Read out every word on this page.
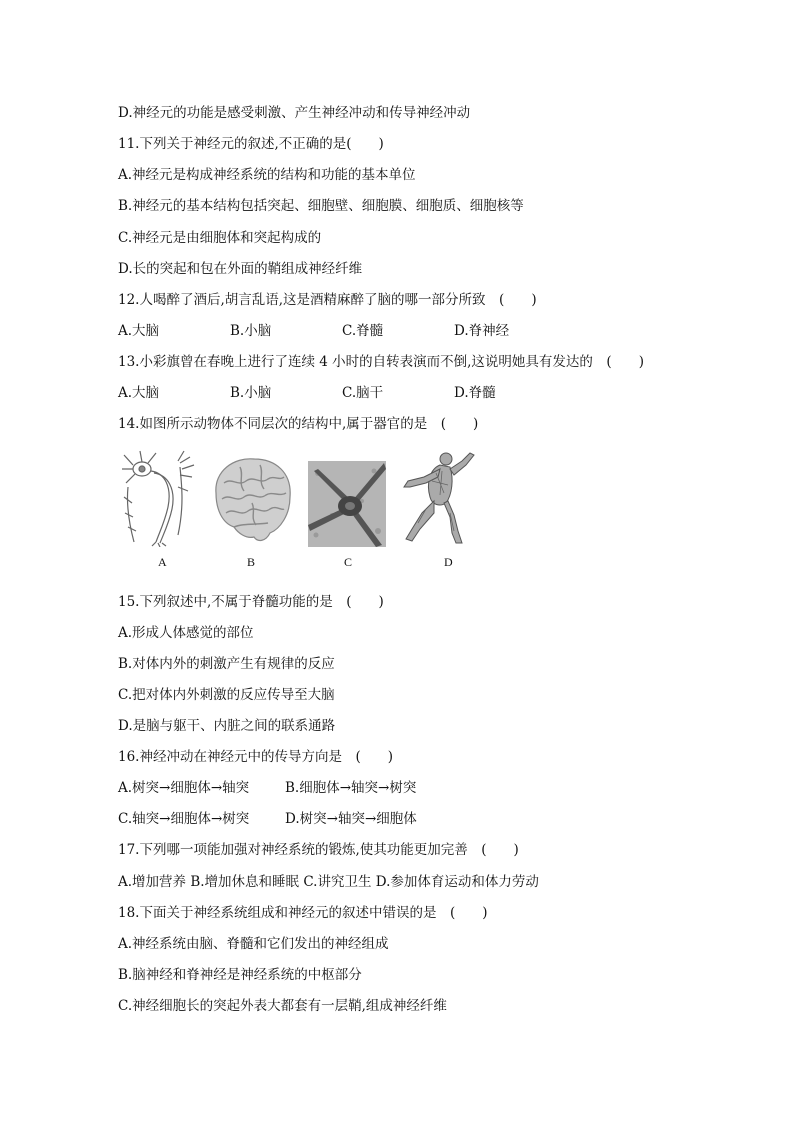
D.神经元的功能是感受刺激、产生神经冲动和传导神经冲动
11.下列关于神经元的叙述,不正确的是(　　)
A.神经元是构成神经系统的结构和功能的基本单位
B.神经元的基本结构包括突起、细胞壁、细胞膜、细胞质、细胞核等
C.神经元是由细胞体和突起构成的
D.长的突起和包在外面的鞘组成神经纤维
12.人喝醉了酒后,胡言乱语,这是酒精麻醉了脑的哪一部分所致　(　　)
A.大脑	B.小脑	C.脊髓	D.脊神经
13.小彩旗曾在春晚上进行了连续 4 小时的自转表演而不倒,这说明她具有发达的　(　　)
A.大脑	B.小脑	C.脑干	D.脊髓
14.如图所示动物体不同层次的结构中,属于器官的是　(　　)
A	B	C	D
15.下列叙述中,不属于脊髓功能的是　(　　)
A.形成人体感觉的部位
B.对体内外的刺激产生有规律的反应
C.把对体内外刺激的反应传导至大脑
D.是脑与躯干、内脏之间的联系通路
16.神经冲动在神经元中的传导方向是　(　　)
A.树突→细胞体→轴突	B.细胞体→轴突→树突
C.轴突→细胞体→树突	D.树突→轴突→细胞体
17.下列哪一项能加强对神经系统的锻炼,使其功能更加完善　(　　)
A.增加营养 B.增加休息和睡眠 C.讲究卫生 D.参加体育运动和体力劳动
18.下面关于神经系统组成和神经元的叙述中错误的是　(　　)
A.神经系统由脑、脊髓和它们发出的神经组成
B.脑神经和脊神经是神经系统的中枢部分
C.神经细胞长的突起外表大都套有一层鞘,组成神经纤维
